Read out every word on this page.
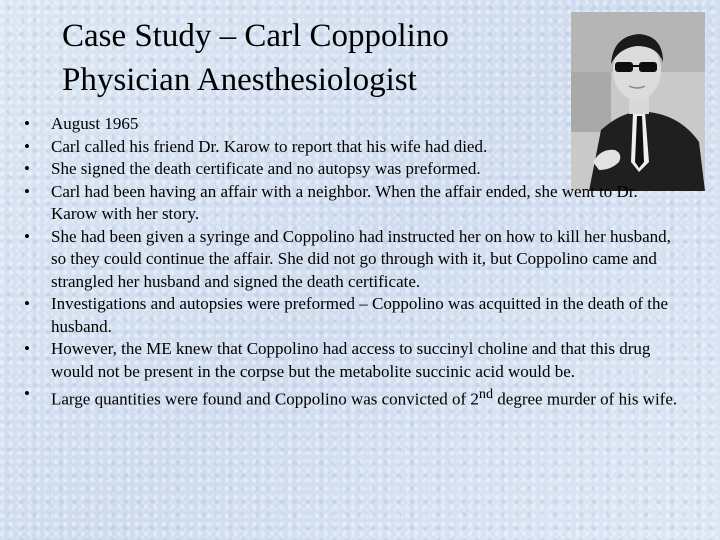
Case Study – Carl Coppolino
Physician Anesthesiologist
• August 1965
• Carl called his friend Dr. Karow to report that his wife had died.
• She signed the death certificate and no autopsy was preformed.
• Carl had been having an affair with a neighbor. When the affair ended, she went to Dr. Karow with her story.
• She had been given a syringe and Coppolino had instructed her on how to kill her husband, so they could continue the affair. She did not go through with it, but Coppolino came and strangled her husband and signed the death certificate.
• Investigations and autopsies were preformed – Coppolino was acquitted in the death of the husband.
• However, the ME knew that Coppolino had access to succinyl choline and that this drug would not be present in the corpse but the metabolite succinic acid would be.
• Large quantities were found and Coppolino was convicted of 2nd degree murder of his wife.
